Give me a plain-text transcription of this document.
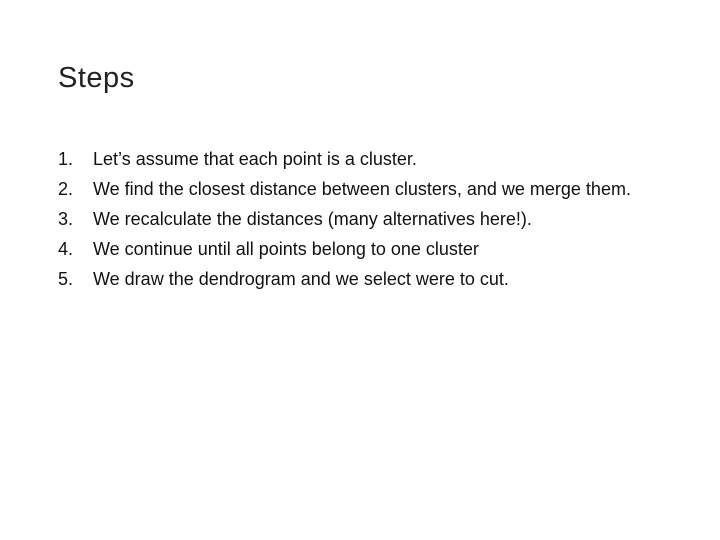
Steps
1.	Let’s assume that each point is a cluster.
2.	We find the closest distance between clusters, and we merge them.
3.	We recalculate the distances (many alternatives here!).
4.	We continue until all points belong to one cluster
5.	We draw the dendrogram and we select were to cut.
